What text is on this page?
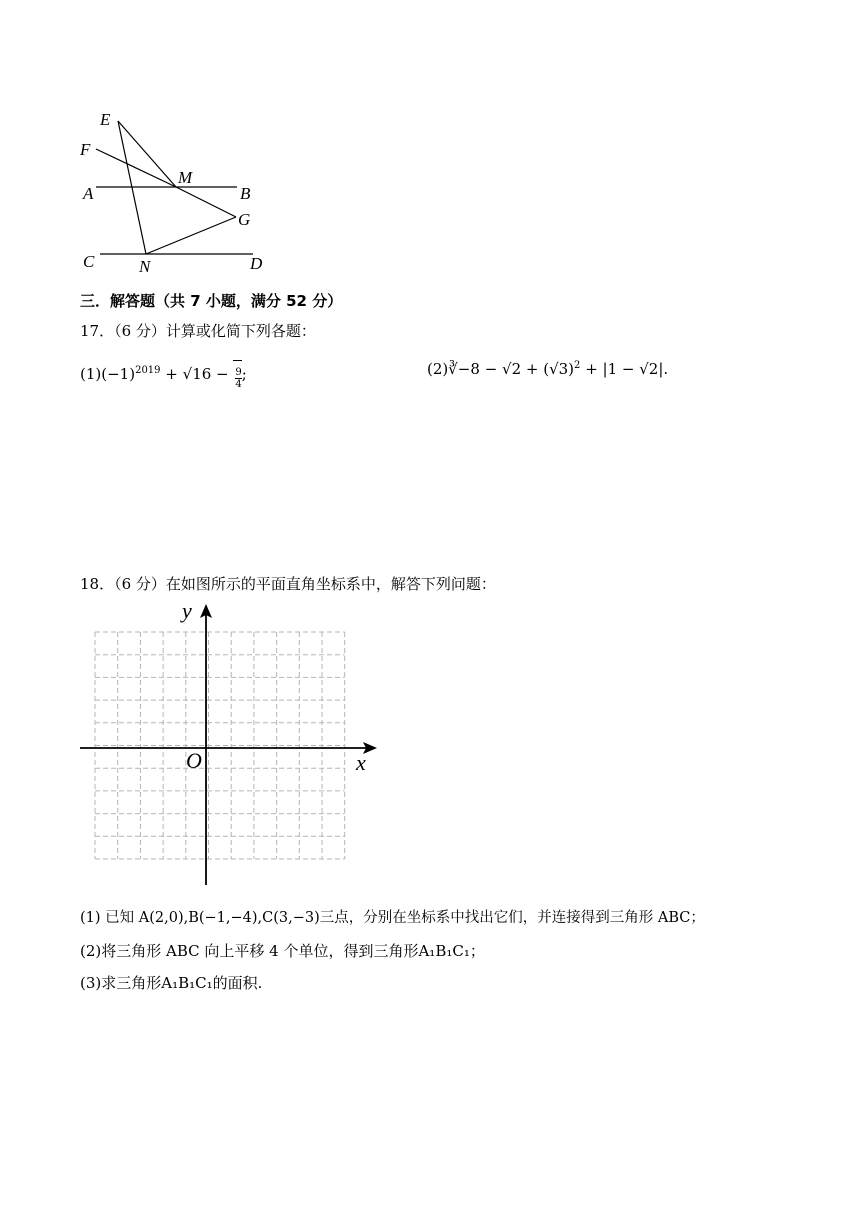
E
F
M
A	B
G
C	N	D
三．解答题（共 7 小题，满分 52 分）
17．（6 分）计算或化简下列各题：
$(1)(-1)^{2019} + √16 - \frac{9}{4}$ ;	(2)∛−8 − $√2 + (√3)^2 + |1 - √2|$.
18．（6 分）在如图所示的平面直角坐标系中，解答下列问题：
y
O	x
(1) 已知 A(2,0),B(−1,−4),C(3,−3)三点，分别在坐标系中找出它们，并连接得到三角形 ABC；
(2)将三角形 ABC 向上平移 4 个单位，得到三角形A₁B₁C₁；
(3)求三角形A₁B₁C₁的面积.
